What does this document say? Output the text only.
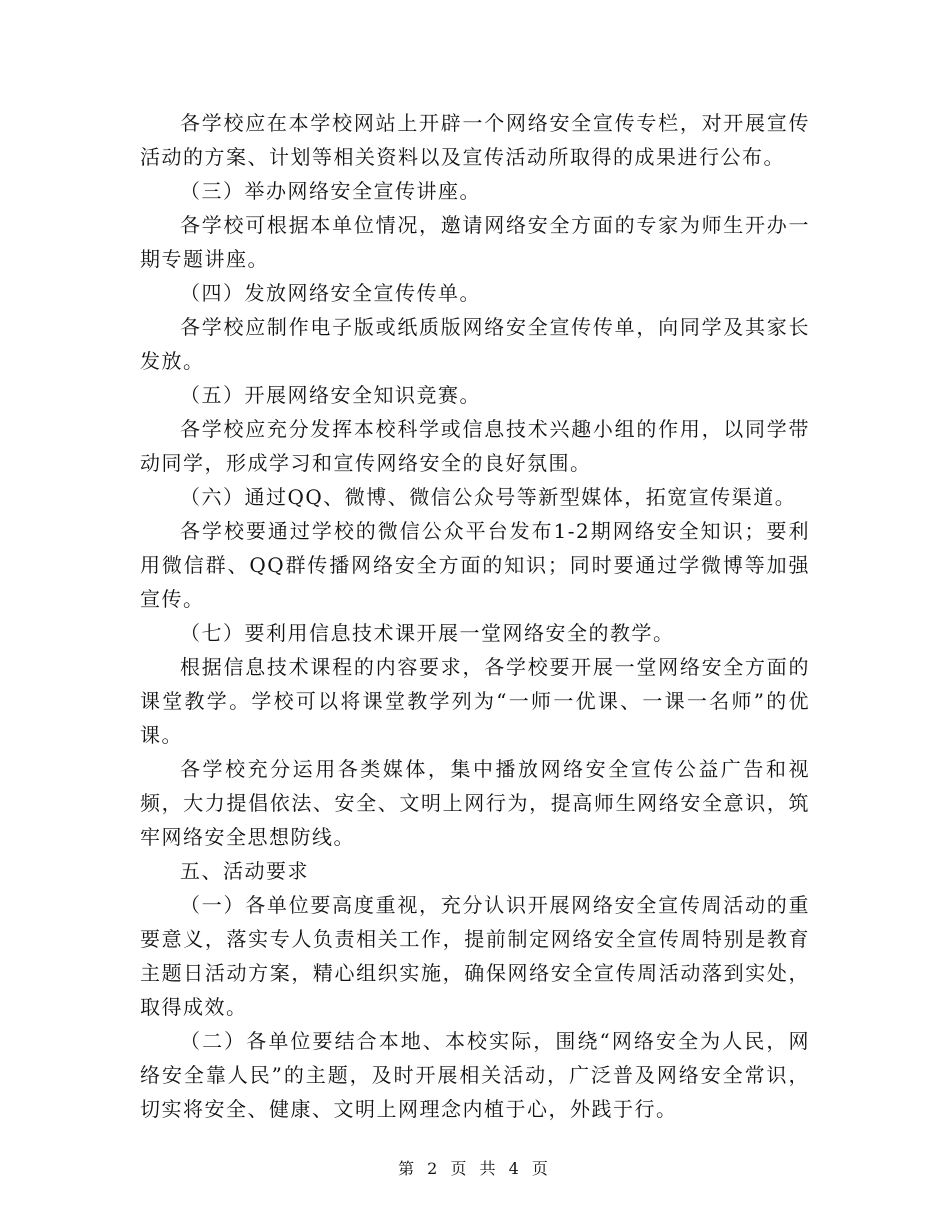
各学校应在本学校网站上开辟一个网络安全宣传专栏，对开展宣传活动的方案、计划等相关资料以及宣传活动所取得的成果进行公布。

（三）举办网络安全宣传讲座。

各学校可根据本单位情况，邀请网络安全方面的专家为师生开办一期专题讲座。

（四）发放网络安全宣传传单。

各学校应制作电子版或纸质版网络安全宣传传单，向同学及其家长发放。

（五）开展网络安全知识竞赛。

各学校应充分发挥本校科学或信息技术兴趣小组的作用，以同学带动同学，形成学习和宣传网络安全的良好氛围。

（六）通过QQ、微博、微信公众号等新型媒体，拓宽宣传渠道。

各学校要通过学校的微信公众平台发布1-2期网络安全知识；要利用微信群、QQ群传播网络安全方面的知识；同时要通过学微博等加强宣传。

（七）要利用信息技术课开展一堂网络安全的教学。

根据信息技术课程的内容要求，各学校要开展一堂网络安全方面的课堂教学。学校可以将课堂教学列为“一师一优课、一课一名师”的优课。

各学校充分运用各类媒体，集中播放网络安全宣传公益广告和视频，大力提倡依法、安全、文明上网行为，提高师生网络安全意识，筑牢网络安全思想防线。

五、活动要求

（一）各单位要高度重视，充分认识开展网络安全宣传周活动的重要意义，落实专人负责相关工作，提前制定网络安全宣传周特别是教育主题日活动方案，精心组织实施，确保网络安全宣传周活动落到实处，取得成效。

（二）各单位要结合本地、本校实际，围绕“网络安全为人民，网络安全靠人民”的主题，及时开展相关活动，广泛普及网络安全常识，切实将安全、健康、文明上网理念内植于心，外践于行。

第 2 页 共 4 页
